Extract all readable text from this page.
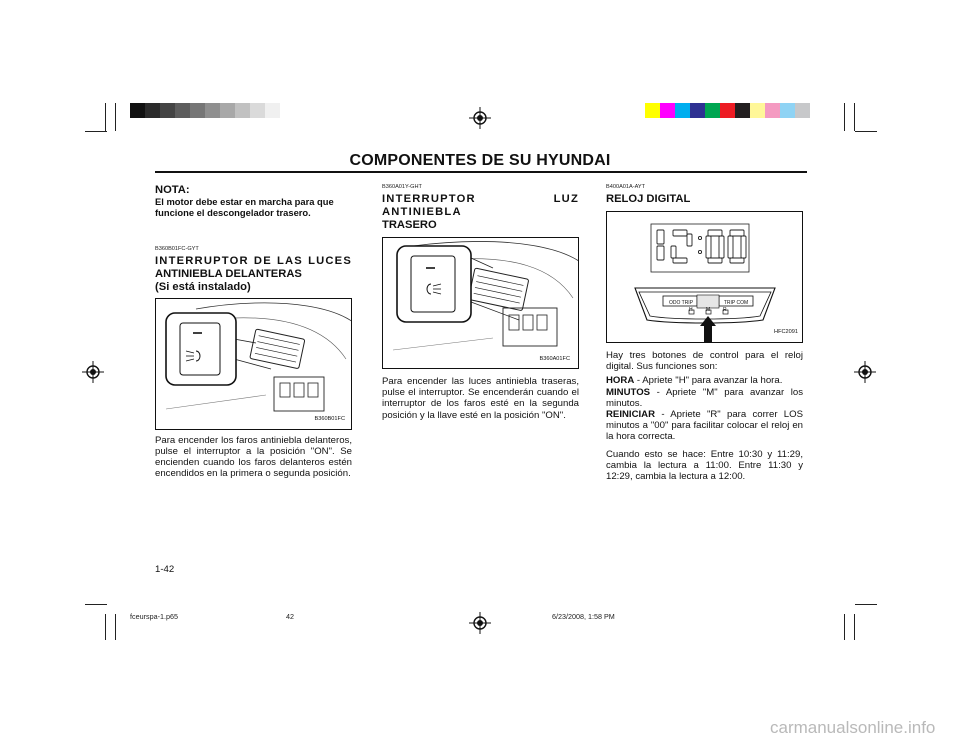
COMPONENTES DE SU HYUNDAI
NOTA:
El motor debe estar en marcha para que funcione el descongelador trasero.
B360B01FC-GYT
INTERRUPTOR DE LAS LUCES
ANTINIEBLA DELANTERAS
(Si está instalado)
B360B01FC
Para encender los faros antiniebla delanteros, pulse el interruptor a la posición "ON". Se encienden cuando los faros delanteros estén encendidos en la primera o segunda posición.
B360A01Y-GHT
INTERRUPTOR LUZ ANTINIEBLA
TRASERO
B360A01FC
Para encender las luces antiniebla traseras, pulse el interruptor. Se encenderán cuando el interruptor de los faros esté en la segunda posición y la llave esté en la posición "ON".
B400A01A-AYT
RELOJ DIGITAL
ODO TRIP	TRIP COM
H	M	R
HFC2091
Hay tres botones de control para el reloj digital. Sus funciones son:
HORA - Apriete "H" para avanzar la hora.
MINUTOS - Apriete "M" para avanzar los minutos.
REINICIAR - Apriete "R" para correr LOS minutos a "00" para facilitar colocar el reloj en la hora correcta.
Cuando esto se hace: Entre 10:30 y 11:29, cambia la lectura a 11:00. Entre 11:30 y 12:29, cambia la lectura a 12:00.
1-42
fceurspa-1.p65	42	6/23/2008, 1:58 PM
carmanualsonline.info
